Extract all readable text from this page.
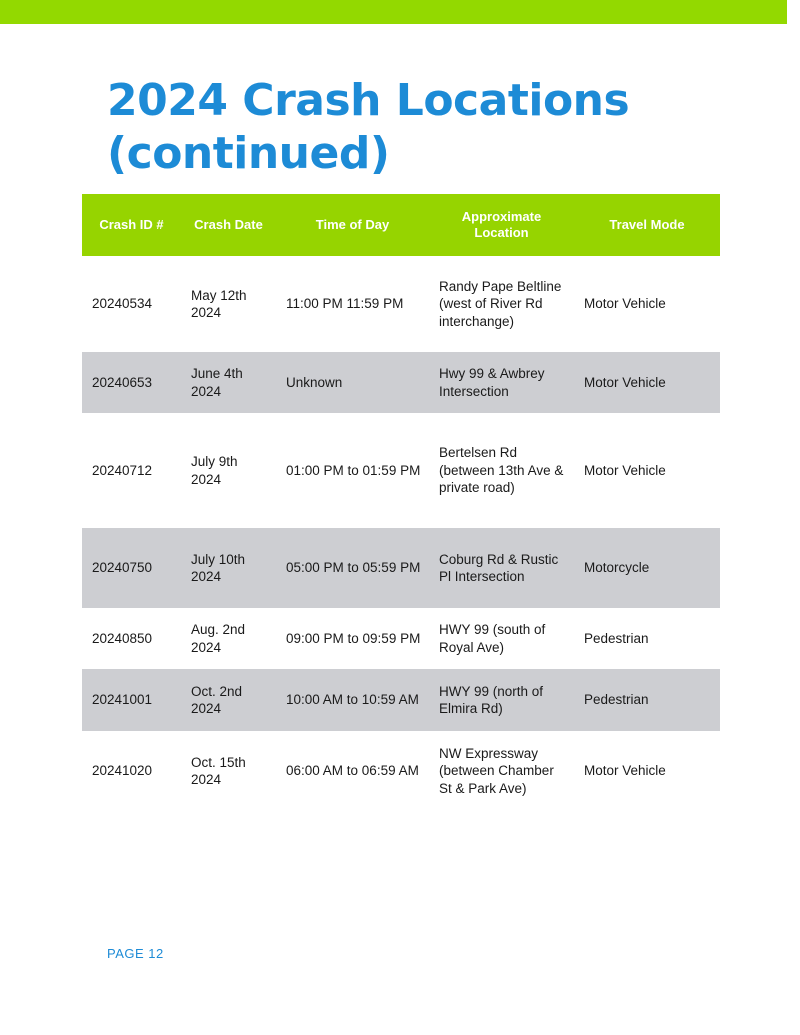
2024 Crash Locations (continued)
Crash ID #	Crash Date	Time of Day	Approximate Location	Travel Mode
20240534	May 12th 2024	11:00 PM 11:59 PM	Randy Pape Beltline (west of River Rd interchange)	Motor Vehicle
20240653	June 4th 2024	Unknown	Hwy 99 & Awbrey Intersection	Motor Vehicle
20240712	July 9th 2024	01:00 PM to 01:59 PM	Bertelsen Rd (between 13th Ave & private road)	Motor Vehicle
20240750	July 10th 2024	05:00 PM to 05:59 PM	Coburg Rd & Rustic Pl Intersection	Motorcycle
20240850	Aug. 2nd 2024	09:00 PM to 09:59 PM	HWY 99 (south of Royal Ave)	Pedestrian
20241001	Oct. 2nd 2024	10:00 AM to 10:59 AM	HWY 99 (north of Elmira Rd)	Pedestrian
20241020	Oct. 15th 2024	06:00 AM to 06:59 AM	NW Expressway (between Chamber St & Park Ave)	Motor Vehicle
PAGE 12
